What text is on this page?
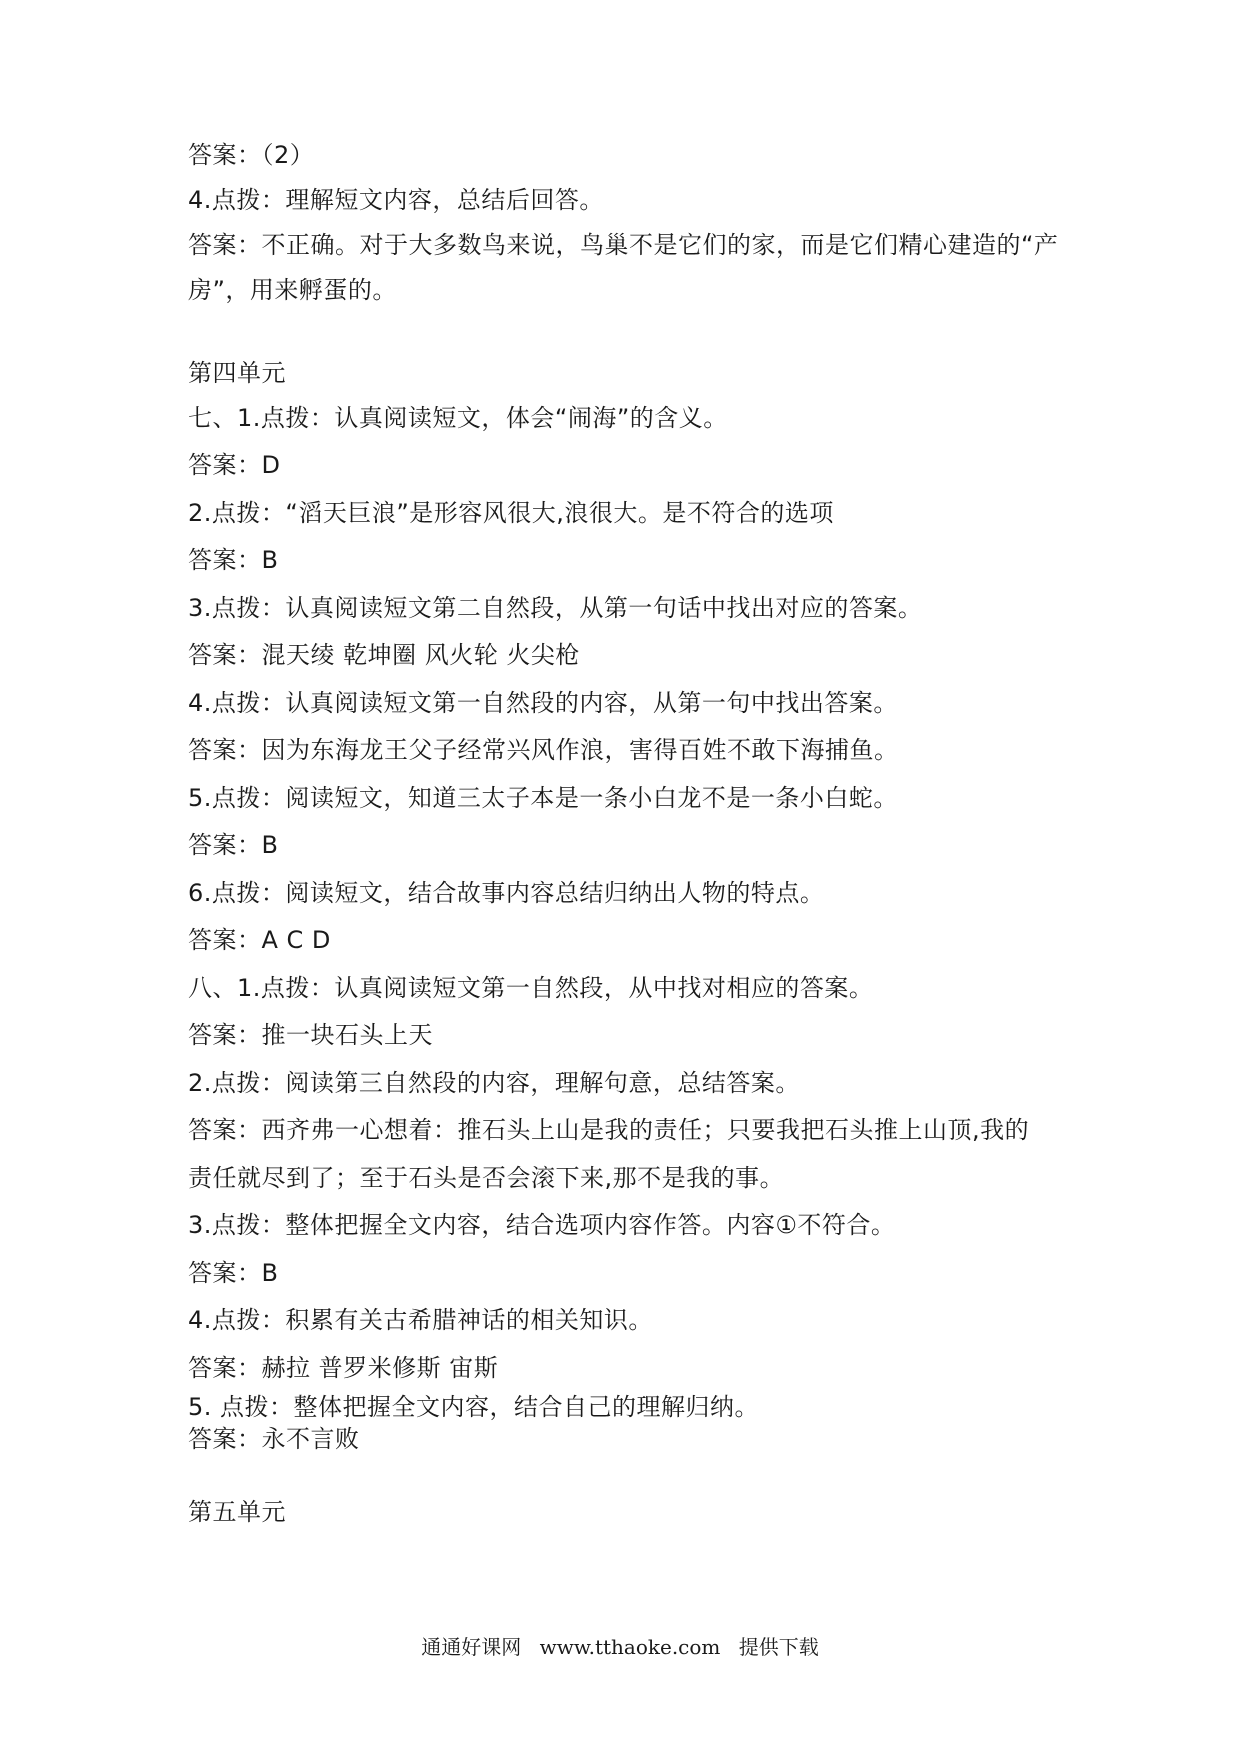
答案：（2）
4.点拨：理解短文内容，总结后回答。
答案：不正确。对于大多数鸟来说，鸟巢不是它们的家，而是它们精心建造的“产
房”，用来孵蛋的。
第四单元
七、1.点拨：认真阅读短文，体会“闹海”的含义。
答案：D
2.点拨：“滔天巨浪”是形容风很大,浪很大。是不符合的选项
答案：B
3.点拨：认真阅读短文第二自然段，从第一句话中找出对应的答案。
答案：混天绫 乾坤圈 风火轮 火尖枪
4.点拨：认真阅读短文第一自然段的内容，从第一句中找出答案。
答案：因为东海龙王父子经常兴风作浪，害得百姓不敢下海捕鱼。
5.点拨：阅读短文，知道三太子本是一条小白龙不是一条小白蛇。
答案：B
6.点拨：阅读短文，结合故事内容总结归纳出人物的特点。
答案：A C D
八、1.点拨：认真阅读短文第一自然段，从中找对相应的答案。
答案：推一块石头上天
2.点拨：阅读第三自然段的内容，理解句意，总结答案。
答案：西齐弗一心想着：推石头上山是我的责任；只要我把石头推上山顶,我的
责任就尽到了；至于石头是否会滚下来,那不是我的事。
3.点拨：整体把握全文内容，结合选项内容作答。内容①不符合。
答案：B
4.点拨：积累有关古希腊神话的相关知识。
答案：赫拉 普罗米修斯 宙斯
5. 点拨：整体把握全文内容，结合自己的理解归纳。
答案：永不言败
第五单元
通通好课网 www.tthaoke.com 提供下载
